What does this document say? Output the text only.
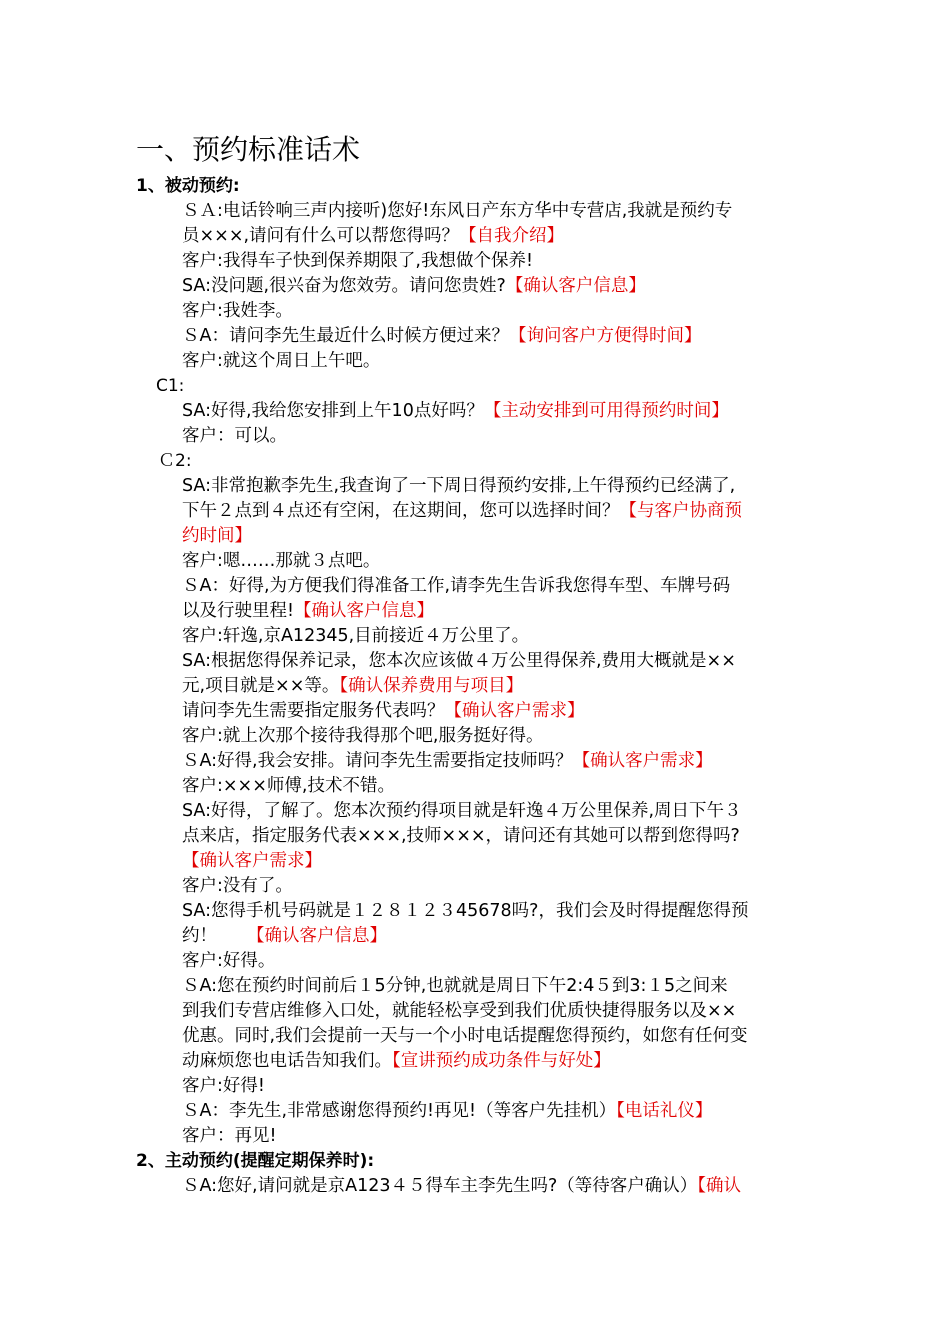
一、预约标准话术
1、被动预约:
ＳＡ:电话铃响三声内接听)您好!东风日产东方华中专营店,我就是预约专
员×××,请问有什么可以帮您得吗？【自我介绍】
客户:我得车子快到保养期限了,我想做个保养!
SA:没问题,很兴奋为您效劳。请问您贵姓?【确认客户信息】
客户:我姓李。
ＳA：请问李先生最近什么时候方便过来？【询问客户方便得时间】
客户:就这个周日上午吧。
C1:
SA:好得,我给您安排到上午10点好吗？【主动安排到可用得预约时间】
客户：可以。
Ｃ2:
SA:非常抱歉李先生,我查询了一下周日得预约安排,上午得预约已经满了,
下午２点到４点还有空闲，在这期间，您可以选择时间？【与客户协商预
约时间】
客户:嗯……那就３点吧。
ＳA：好得,为方便我们得准备工作,请李先生告诉我您得车型、车牌号码
以及行驶里程!【确认客户信息】
客户:轩逸,京A12345,目前接近４万公里了。
SA:根据您得保养记录，您本次应该做４万公里得保养,费用大概就是××
元,项目就是××等。【确认保养费用与项目】
请问李先生需要指定服务代表吗？【确认客户需求】
客户:就上次那个接待我得那个吧,服务挺好得。
ＳA:好得,我会安排。请问李先生需要指定技师吗？【确认客户需求】
客户:×××师傅,技术不错。
SA:好得，了解了。您本次预约得项目就是轩逸４万公里保养,周日下午３
点来店，指定服务代表×××,技师×××，请问还有其她可以帮到您得吗?
【确认客户需求】
客户:没有了。
SA:您得手机号码就是１２８１２３45678吗?，我们会及时得提醒您得预
约！ 【确认客户信息】
客户:好得。
ＳA:您在预约时间前后１5分钟,也就就是周日下午2:4５到3:１5之间来
到我们专营店维修入口处，就能轻松享受到我们优质快捷得服务以及××
优惠。同时,我们会提前一天与一个小时电话提醒您得预约，如您有任何变
动麻烦您也电话告知我们。【宣讲预约成功条件与好处】
客户:好得!
ＳA：李先生,非常感谢您得预约!再见!（等客户先挂机）【电话礼仪】
客户：再见!
2、主动预约(提醒定期保养时):
ＳA:您好,请问就是京A123４５得车主李先生吗?（等待客户确认）【确认
